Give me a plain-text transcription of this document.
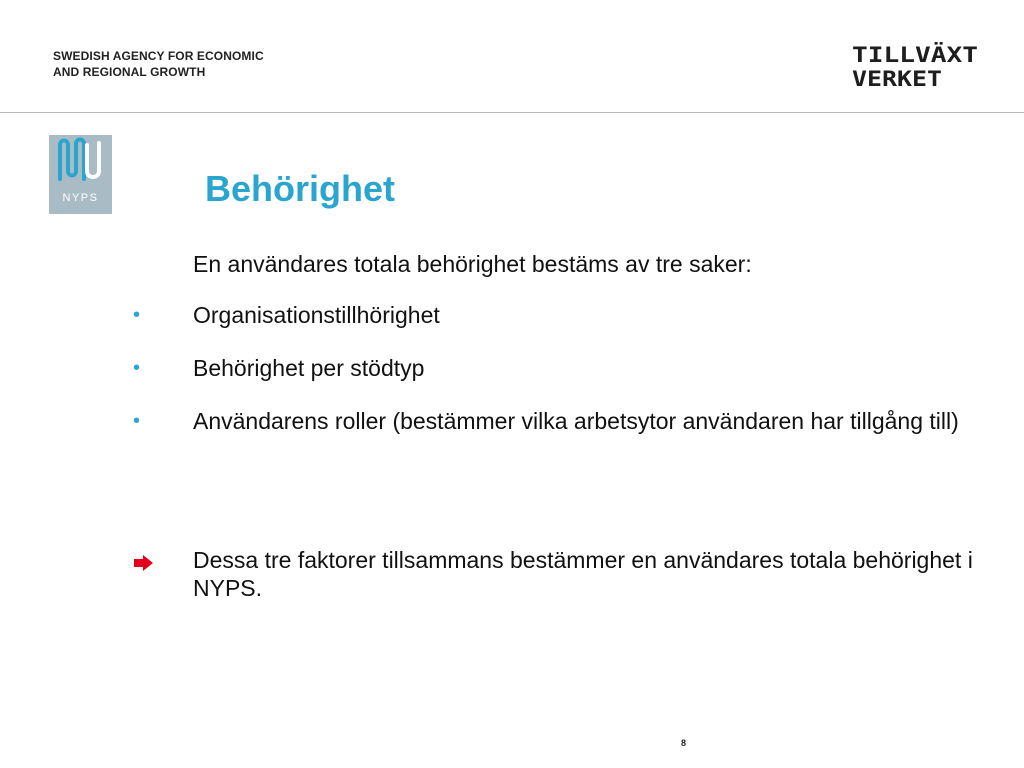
SWEDISH AGENCY FOR ECONOMIC
AND REGIONAL GROWTH
TILLVÄXT
VERKET
NYPS	Behörighet
En användares totala behörighet bestäms av tre saker:
•	Organisationstillhörighet
•	Behörighet per stödtyp
•	Användarens roller (bestämmer vilka arbetsytor användaren har tillgång till)
Dessa tre faktorer tillsammans bestämmer en användares totala behörighet i NYPS.
8
